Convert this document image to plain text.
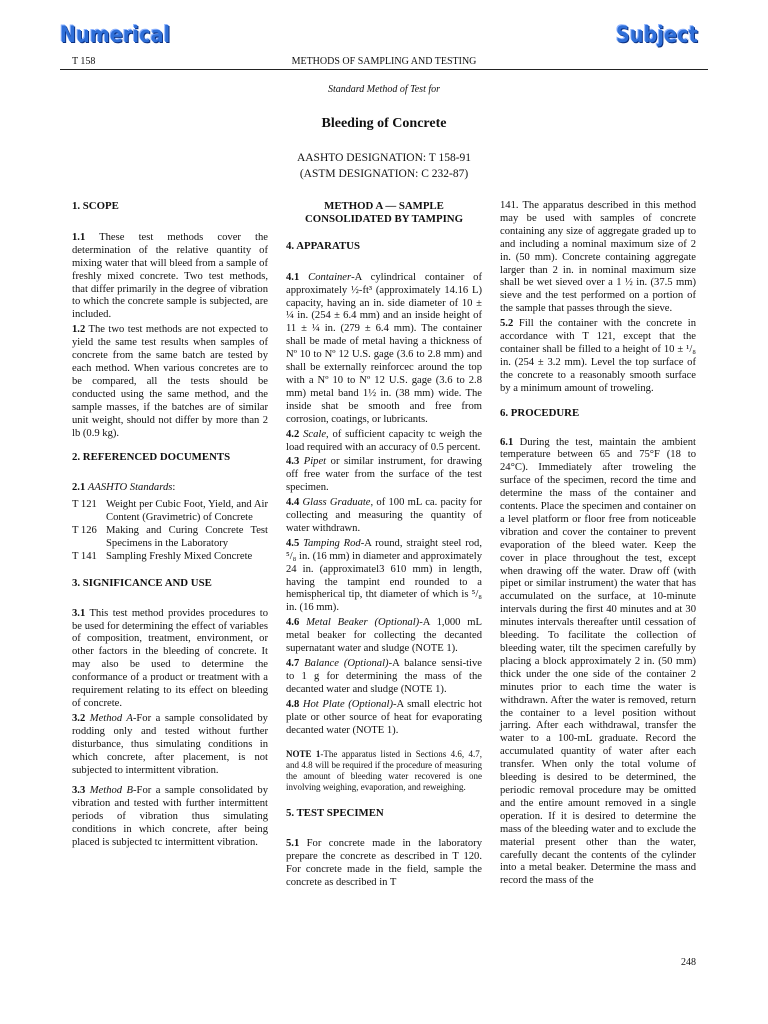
Numerical	Subject
T 158	METHODS OF SAMPLING AND TESTING
Standard Method of Test for
Bleeding of Concrete
AASHTO DESIGNATION: T 158-91
(ASTM DESIGNATION: C 232-87)
1. SCOPE

1.1 These test methods cover the determination of the relative quantity of mixing water that will bleed from a sample of freshly mixed concrete. Two test methods, that differ primarily in the degree of vibration to which the concrete sample is subjected, are included.

1.2 The two test methods are not expected to yield the same test results when samples of concrete from the same batch are tested by each method. When various concretes are to be compared, all the tests should be conducted using the same method, and the sample masses, if the batches are of similar unit weight, should not differ by more than 2 lb (0.9 kg).

2. REFERENCED DOCUMENTS

2.1 AASHTO Standards:

T 121 Weight per Cubic Foot, Yield, and Air Content (Gravimetric) of Concrete
T 126 Making and Curing Concrete Test Specimens in the Laboratory
T 141 Sampling Freshly Mixed Concrete
3. SIGNIFICANCE AND USE

3.1 This test method provides procedures to be used for determining the effect of variables of composition, treatment, environment, or other factors in the bleeding of concrete. It may also be used to determine the conformance of a product or treatment with a requirement relating to its effect on bleeding of concrete.

3.2 Method A-For a sample consolidated by rodding only and tested without further disturbance, thus simulating conditions in which concrete, after placement, is not subjected to intermittent vibration.

3.3 Method B-For a sample consolidated by vibration and tested with further intermittent periods of vibration thus simulating conditions in which concrete, after being placed is subjected tc intermittent vibration.

METHOD A — SAMPLE CONSOLIDATED BY TAMPING
4. APPARATUS

4.1 Container-A cylindrical container of approximately ½-ft³ (approximately 14.16 L) capacity, having an in. side diameter of 10 ± ¼ in. (254 ± 6.4 mm) and an inside height of 11 ± ¼ in. (279 ± 6.4 mm). The container shall be made of metal having a thickness of Nº 10 to Nº 12 U.S. gage (3.6 to 2.8 mm) and shall be externally reinforcec around the top with a Nº 10 to Nº 12 U.S. gage (3.6 to 2.8 mm) metal band 1½ in. (38 mm) wide. The inside shat be smooth and free from corrosion, coatings, or lubricants.

4.2 Scale, of sufficient capacity tc weigh the load required with an accuracy of 0.5 percent.

4.3 Pipet or similar instrument, for drawing off free water from the surface of the test specimen.

4.4 Glass Graduate, of 100 mL ca. pacity for collecting and measuring the quantity of water withdrawn.

4.5 Tamping Rod-A round, straight steel rod, ⁵/₈ in. (16 mm) in diameter and approximately 24 in. (approximatel3 610 mm) in length, having the tampint end rounded to a hemispherical tip, tht diameter of which is ⁵/₈ in. (16 mm).

4.6 Metal Beaker (Optional)-A 1,000 mL metal beaker for collecting the decanted supernatant water and sludge (NOTE 1).

4.7 Balance (Optional)-A balance sensi-tive to 1 g for determining the mass of the decanted water and sludge (NOTE 1).

4.8 Hot Plate (Optional)-A small electric hot plate or other source of heat for evaporating decanted water (NOTE 1).

NOTE 1-The apparatus listed in Sections 4.6, 4.7, and 4.8 will be required if the procedure of measuring the amount of bleeding water recovered is one involving weighing, evaporation, and reweighing.

5. TEST SPECIMEN

5.1 For concrete made in the laboratory prepare the concrete as described in T 120. For concrete made in the field, sample the concrete as described in T

141. The apparatus described in this method may be used with samples of concrete containing any size of aggregate graded up to and including a nominal maximum size of 2 in. (50 mm). Concrete containing aggregate larger than 2 in. in nominal maximum size shall be wet sieved over a 1 ½ in. (37.5 mm) sieve and the test performed on a portion of the sample that passes through the sieve.

5.2 Fill the container with the concrete in accordance with T 121, except that the container shall be filled to a height of 10 ± ¹/₈ in. (254 ± 3.2 mm). Level the top surface of the concrete to a reasonably smooth surface by a minimum amount of troweling.

6. PROCEDURE

6.1 During the test, maintain the ambient temperature between 65 and 75°F (18 to 24°C). Immediately after troweling the surface of the specimen, record the time and determine the mass of the container and contents. Place the specimen and container on a level platform or floor free from noticeable vibration and cover the container to prevent evaporation of the bleed water. Keep the cover in place throughout the test, except when drawing off the water. Draw off (with pipet or similar instrument) the water that has accumulated on the surface, at 10-minute intervals during the first 40 minutes and at 30 minutes intervals thereafter until cessation of bleeding. To facilitate the collection of bleeding water, tilt the specimen carefully by placing a block approximately 2 in. (50 mm) thick under the one side of the container 2 minutes prior to each time the water is withdrawn. After the water is removed, return the container to a level position without jarring. After each withdrawal, transfer the water to a 100-mL graduate. Record the accumulated quantity of water after each transfer. When only the total volume of bleeding is desired to be determined, the periodic removal procedure may be omitted and the entire amount removed in a single operation. If it is desired to determine the mass of the bleeding water and to exclude the material present other than the water, carefully decant the contents of the cylinder into a metal beaker. Determine the mass and record the mass of the

248
